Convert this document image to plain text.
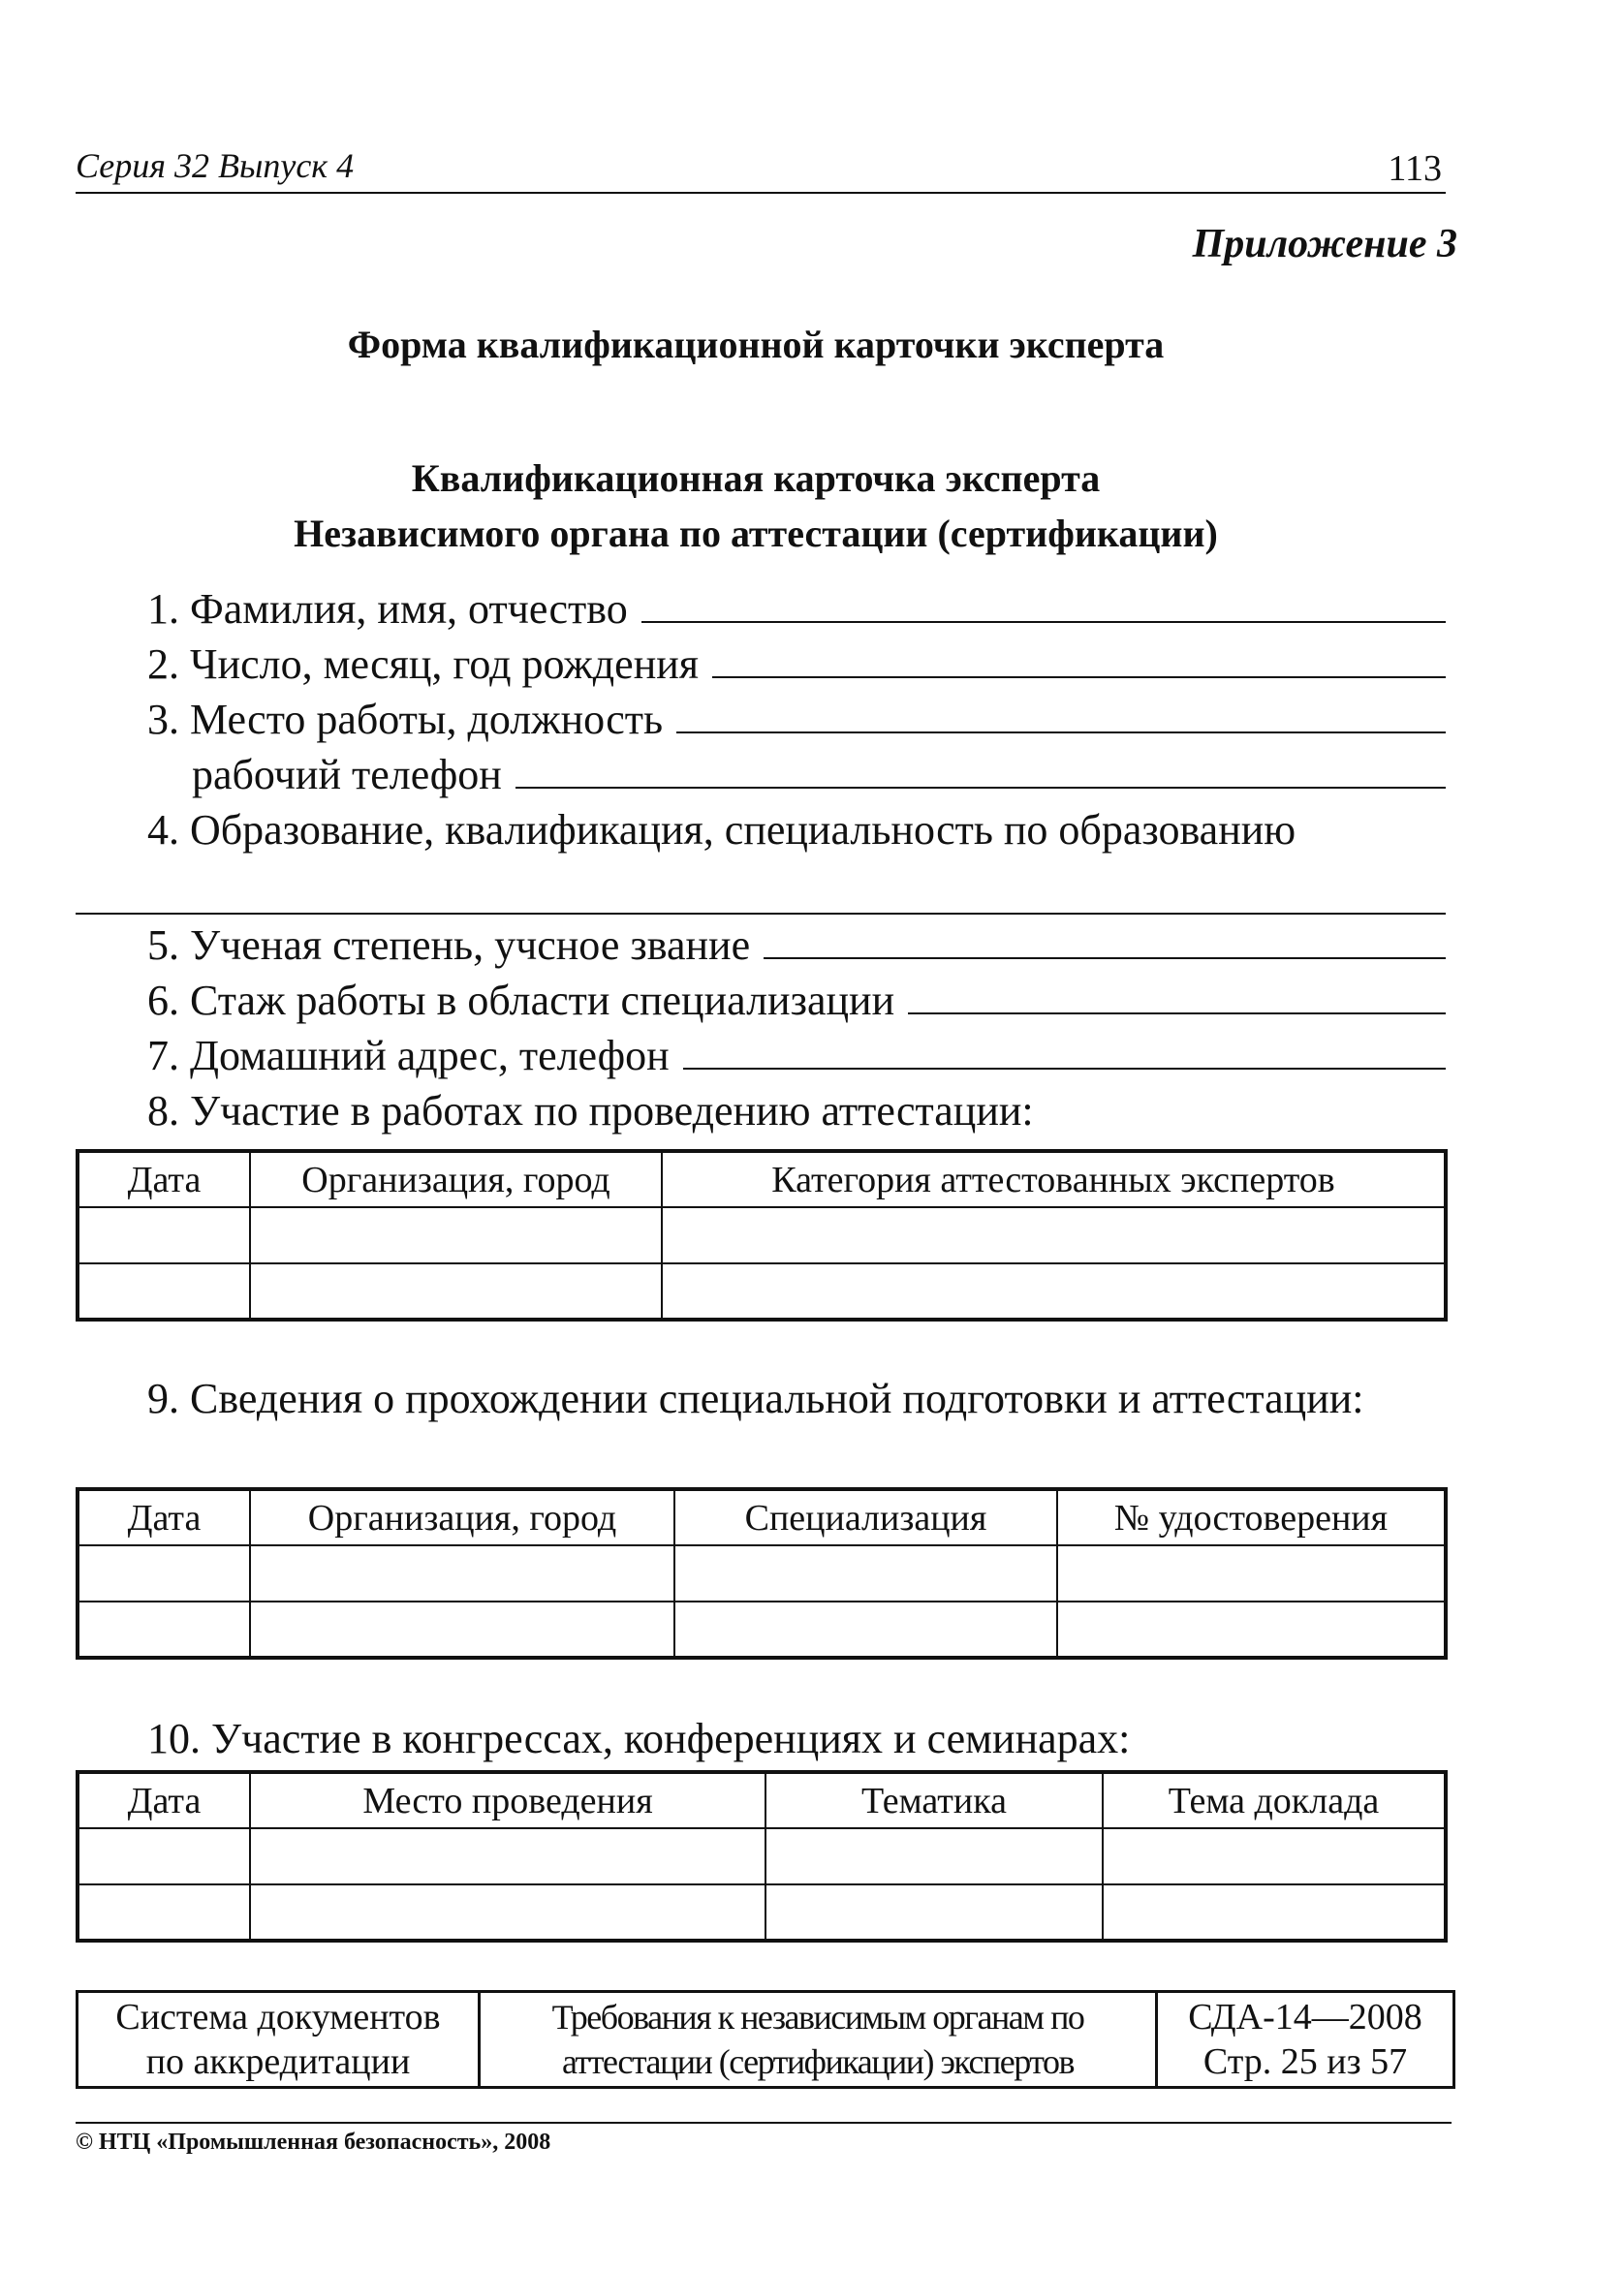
Серия 32 Выпуск 4	113
Приложение 3
Форма квалификационной карточки эксперта
Квалификационная карточка эксперта
Независимого органа по аттестации (сертификации)
1. Фамилия, имя, отчество
2. Число, месяц, год рождения
3. Место работы, должность
рабочий телефон
4. Образование, квалификация, специальность по образованию
5. Ученая степень, учсное звание
6. Стаж работы в области специализации
7. Домашний адрес, телефон
8. Участие в работах по проведению аттестации:
Дата	Организация, город	Категория аттестованных экспертов

9. Сведения о прохождении специальной подготовки и аттестации:
Дата	Организация, город	Специализация	№ удостоверения

10. Участие в конгрессах, конференциях и семинарах:
Дата	Место проведения	Тематика	Тема доклада

Система документов
по аккредитации

Требования к независимым органам по
аттестации (сертификации) экспертов

СДА-14—2008
Стр. 25 из 57
© НТЦ «Промышленная безопасность», 2008
